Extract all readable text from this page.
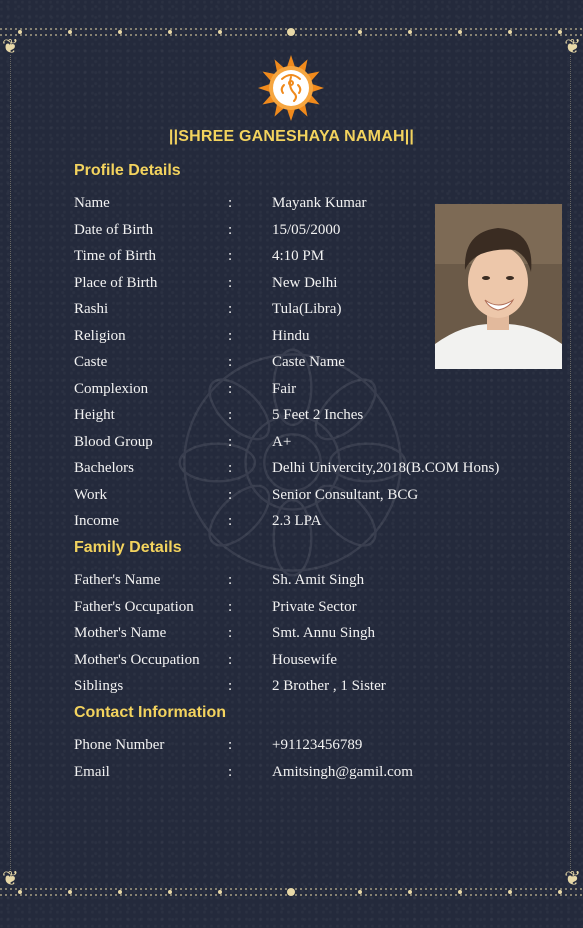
❦	❦
❦	❦
||SHREE GANESHAYA NAMAH||
Profile Details
Name	:	Mayank Kumar
Date of Birth	:	15/05/2000
Time of Birth	:	4:10 PM
Place of Birth	:	New Delhi
Rashi	:	Tula(Libra)
Religion	:	Hindu
Caste	:	Caste Name
Complexion	:	Fair
Height	:	5 Feet 2 Inches
Blood Group	:	A+
Bachelors	:	Delhi Univercity,2018(B.COM Hons)
Work	:	Senior Consultant, BCG
Income	:	2.3 LPA
Family Details
Father's Name	:	Sh. Amit Singh
Father's Occupation :	Private Sector
Mother's Name	:	Smt. Annu Singh
Mother's Occupation :	Housewife
Siblings	:	2 Brother , 1 Sister
Contact Information
Phone Number	:	+91123456789
Email	:	Amitsingh@gamil.com
